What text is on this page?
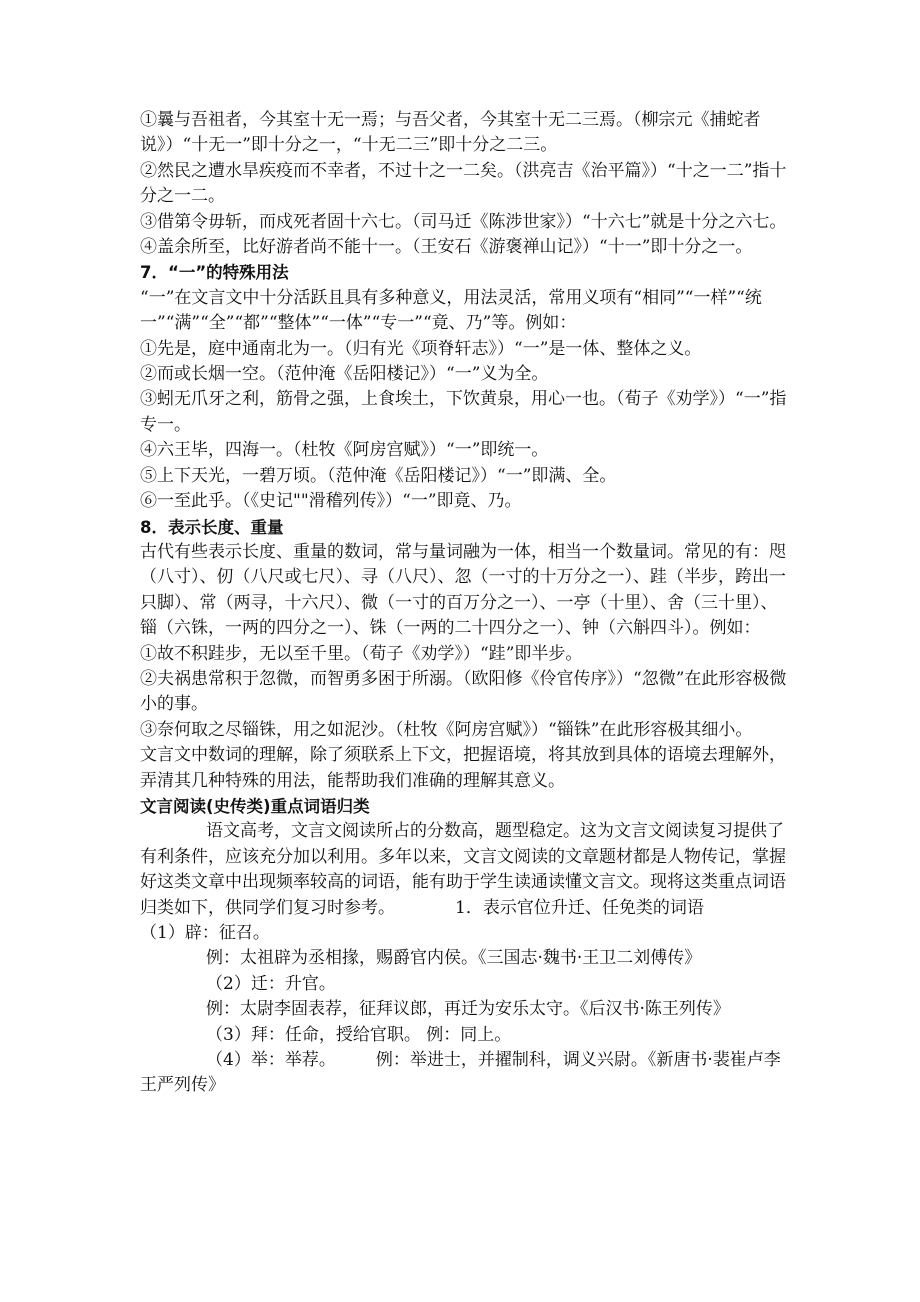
①曩与吾祖者，今其室十无一焉；与吾父者，今其室十无二三焉。（柳宗元《捕蛇者说》）“十无一”即十分之一，“十无二三”即十分之二三。

②然民之遭水旱疾疫而不幸者，不过十之一二矣。（洪亮吉《治平篇》）“十之一二”指十分之一二。

③借第令毋斩，而戍死者固十六七。（司马迁《陈涉世家》）“十六七”就是十分之六七。

④盖余所至，比好游者尚不能十一。（王安石《游褒禅山记》）“十一”即十分之一。

7．“一”的特殊用法

“一”在文言文中十分活跃且具有多种意义，用法灵活，常用义项有“相同”“一样”“统一”“满”“全”“都”“整体”“一体”“专一”“竟、乃”等。例如：

①先是，庭中通南北为一。（归有光《项脊轩志》）“一”是一体、整体之义。

②而或长烟一空。（范仲淹《岳阳楼记》）“一”义为全。

③蚓无爪牙之利，筋骨之强，上食埃土，下饮黄泉，用心一也。（荀子《劝学》）“一”指专一。

④六王毕，四海一。（杜牧《阿房宫赋》）“一”即统一。

⑤上下天光，一碧万顷。（范仲淹《岳阳楼记》）“一”即满、全。

⑥一至此乎。（《史记""滑稽列传》）“一”即竟、乃。

8．表示长度、重量

古代有些表示长度、重量的数词，常与量词融为一体，相当一个数量词。常见的有：咫（八寸）、仞（八尺或七尺）、寻（八尺）、忽（一寸的十万分之一）、跬（半步，跨出一只脚）、常（两寻，十六尺）、微（一寸的百万分之一）、一亭（十里）、舍（三十里）、锱（六铢，一两的四分之一）、铢（一两的二十四分之一）、钟（六斛四斗）。例如：

①故不积跬步，无以至千里。（荀子《劝学》）“跬”即半步。

②夫祸患常积于忽微，而智勇多困于所溺。（欧阳修《伶官传序》）“忽微”在此形容极微小的事。

③奈何取之尽锱铢，用之如泥沙。（杜牧《阿房宫赋》）“锱铢”在此形容极其细小。

文言文中数词的理解，除了须联系上下文，把握语境，将其放到具体的语境去理解外，弄清其几种特殊的用法，能帮助我们准确的理解其意义。

文言阅读(史传类)重点词语归类

语文高考，文言文阅读所占的分数高，题型稳定。这为文言文阅读复习提供了有利条件，应该充分加以利用。多年以来，文言文阅读的文章题材都是人物传记，掌握好这类文章中出现频率较高的词语，能有助于学生读通读懂文言文。现将这类重点词语归类如下，供同学们复习时参考。	1．表示官位升迁、任免类的词语（1）辟：征召。

例：太祖辟为丞相掾，赐爵官内侯。《三国志·魏书·王卫二刘傅传》

（2）迁：升官。

例：太尉李固表荐，征拜议郎，再迁为安乐太守。《后汉书·陈王列传》

（3）拜：任命，授给官职。 例：同上。

（4）举：举荐。 例：举进士，并擢制科，调义兴尉。《新唐书·裴崔卢李王严列传》
